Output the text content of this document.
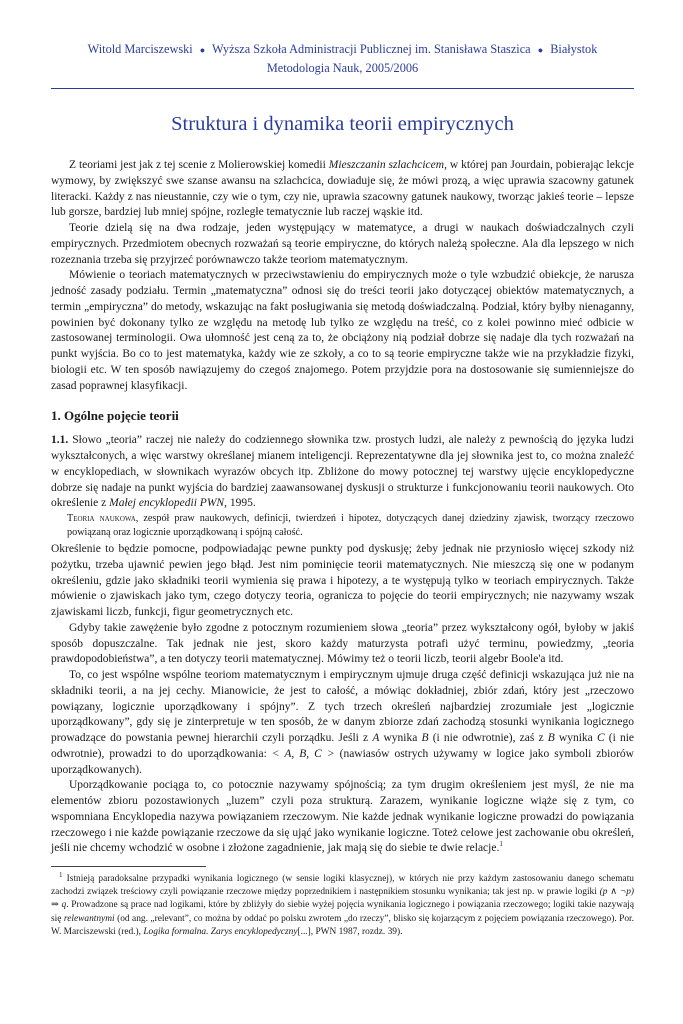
Witold Marciszewski ● Wyższa Szkoła Administracji Publicznej im. Stanisława Staszica ● Białystok
Metodologia Nauk, 2005/2006
Struktura i dynamika teorii empirycznych

Z teoriami jest jak z tej scenie z Molierowskiej komedii Mieszczanin szlachcicem, w której pan Jourdain, pobierając lekcje wymowy, by zwiększyć swe szanse awansu na szlachcica, dowiaduje się, że mówi prozą, a więc uprawia szacowny gatunek literacki. Każdy z nas nieustannie, czy wie o tym, czy nie, uprawia szacowny gatunek naukowy, tworząc jakieś teorie – lepsze lub gorsze, bardziej lub mniej spójne, rozległe tematycznie lub raczej wąskie itd.

Teorie dzielą się na dwa rodzaje, jeden występujący w matematyce, a drugi w naukach doświadczalnych czyli empirycznych. Przedmiotem obecnych rozważań są teorie empiryczne, do których należą społeczne. Ala dla lepszego w nich rozeznania trzeba się przyjrzeć porównawczo także teoriom matematycznym.

Mówienie o teoriach matematycznych w przeciwstawieniu do empirycznych może o tyle wzbudzić obiekcje, że narusza jedność zasady podziału. Termin „matematyczna” odnosi się do treści teorii jako dotyczącej obiektów matematycznych, a termin „empiryczna” do metody, wskazując na fakt posługiwania się metodą doświadczalną. Podział, który byłby nienaganny, powinien być dokonany tylko ze względu na metodę lub tylko ze względu na treść, co z kolei powinno mieć odbicie w zastosowanej terminologii. Owa ułomność jest ceną za to, że obciążony nią podział dobrze się nadaje dla tych rozważań na punkt wyjścia. Bo co to jest matematyka, każdy wie ze szkoły, a co to są teorie empiryczne także wie na przykładzie fizyki, biologii etc. W ten sposób nawiązujemy do czegoś znajomego. Potem przyjdzie pora na dostosowanie się sumienniejsze do zasad poprawnej klasyfikacji.

1. Ogólne pojęcie teorii

1.1. Słowo „teoria” raczej nie należy do codziennego słownika tzw. prostych ludzi, ale należy z pewnością do języka ludzi wykształconych, a więc warstwy określanej mianem inteligencji. Reprezentatywne dla jej słownika jest to, co można znaleźć w encyklopediach, w słownikach wyrazów obcych itp. Zbliżone do mowy potocznej tej warstwy ujęcie encyklopedyczne dobrze się nadaje na punkt wyjścia do bardziej zaawansowanej dyskusji o strukturze i funkcjonowaniu teorii naukowych. Oto określenie z Małej encyklopedii PWN, 1995.

Teoria naukowa, zespół praw naukowych, definicji, twierdzeń i hipotez, dotyczących danej dziedziny zjawisk, tworzący rzeczowo powiązaną oraz logicznie uporządkowaną i spójną całość.

Określenie to będzie pomocne, podpowiadając pewne punkty pod dyskusję; żeby jednak nie przyniosło więcej szkody niż pożytku, trzeba ujawnić pewien jego błąd. Jest nim pominięcie teorii matematycznych. Nie mieszczą się one w podanym określeniu, gdzie jako składniki teorii wymienia się prawa i hipotezy, a te występują tylko w teoriach empirycznych. Także mówienie o zjawiskach jako tym, czego dotyczy teoria, ogranicza to pojęcie do teorii empirycznych; nie nazywamy wszak zjawiskami liczb, funkcji, figur geometrycznych etc.

Gdyby takie zawężenie było zgodne z potocznym rozumieniem słowa „teoria” przez wykształcony ogół, byłoby w jakiś sposób dopuszczalne. Tak jednak nie jest, skoro każdy maturzysta potrafi użyć terminu, powiedzmy, „teoria prawdopodobieństwa”, a ten dotyczy teorii matematycznej. Mówimy też o teorii liczb, teorii algebr Boole'a itd.

To, co jest wspólne wspólne teoriom matematycznym i empirycznym ujmuje druga część definicji wskazująca już nie na składniki teorii, a na jej cechy. Mianowicie, że jest to całość, a mówiąc dokładniej, zbiór zdań, który jest „rzeczowo powiązany, logicznie uporządkowany i spójny”. Z tych trzech określeń najbardziej zrozumiałe jest „logicznie uporządkowany”, gdy się je zinterpretuje w ten sposób, że w danym zbiorze zdań zachodzą stosunki wynikania logicznego prowadzące do powstania pewnej hierarchii czyli porządku. Jeśli z A wynika B (i nie odwrotnie), zaś z B wynika C (i nie odwrotnie), prowadzi to do uporządkowania: < A, B, C > (nawiasów ostrych używamy w logice jako symboli zbiorów uporządkowanych).

Uporządkowanie pociąga to, co potocznie nazywamy spójnością; za tym drugim określeniem jest myśl, że nie ma elementów zbioru pozostawionych „luzem” czyli poza strukturą. Zarazem, wynikanie logiczne wiąże się z tym, co wspomniana Encyklopedia nazywa powiązaniem rzeczowym. Nie każde jednak wynikanie logiczne prowadzi do powiązania rzeczowego i nie każde powiązanie rzeczowe da się ująć jako wynikanie logiczne. Toteż celowe jest zachowanie obu określeń, jeśli nie chcemy wchodzić w osobne i złożone zagadnienie, jak mają się do siebie te dwie relacje.$^1$

$^1$ Istnieją paradoksalne przypadki wynikania logicznego (w sensie logiki klasycznej), w których nie przy każdym zastosowaniu danego schematu zachodzi związek treściowy czyli powiązanie rzeczowe między poprzednikiem i następnikiem stosunku wynikania; tak jest np. w prawie logiki (p ∧ ¬p) ⇒ q. Prowadzone są prace nad logikami, które by zbliżyły do siebie wyżej pojęcia wynikania logicznego i powiązania rzeczowego; logiki takie nazywają się relewantnymi (od ang. „relevant”, co można by oddać po polsku zwrotem „do rzeczy”, blisko się kojarzącym z pojęciem powiązania rzeczowego). Por. W. Marciszewski (red.), Logika formalna. Zarys encyklopedyczny[...], PWN 1987, rozdz. 39).
